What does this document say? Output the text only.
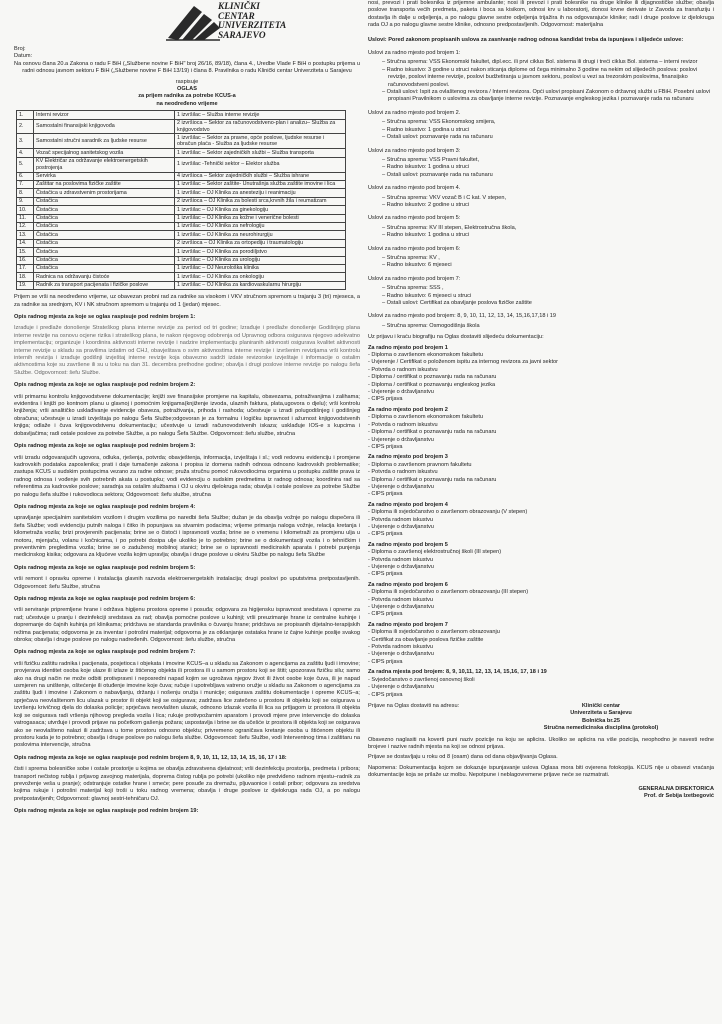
KLINIČKI
CENTAR
UNIVERZITETA
SARAJEVO
Broj:
Datum:

Na osnovu člana 20.a Zakona o radu F BiH („Službene novine F BiH" broj 26/16, 89/18), člana 4., Uredbe Vlade F BiH o postupku prijema u radni odnosu javnom sektoru F BiH („Službene novine F BiH 13/19) i člana 8. Pravilnika o radu Klinički centar Univerziteta u Sarajevu

raspisuje

OGLAS

za prijem radnika za potrebe KCUS-a

na neodređeno vrijeme

1.	Interni revizor	1 izvršilac – Služba interne revizije
2.	Samostalni finansijski knjigovođa	2 izvršioca – Sektor za računovodstveno-plan i analizu– Služba za knjigovodstvo
3.	Samostalni stručni saradnik za ljudske resurse	1 izvršilac – Sektor za pravne, opće poslove, ljudske resurse i obračun plaća - Služba za ljudske resurse
4.	Vozač specijalnog sanitetskog vozila	1 izvršilac – Sektor zajedničkih službi – Služba transporta
5.	KV Električar za održavanje elektroenergetskih postrojenja	1 izvršilac -Tehnički sektor – Elektor služba
6.	Servirka	4 izvršioca – Sektor zajedničkih službi – Služba ishrane
7.	Zaštitar na poslovima fizičke zaštite	1 izvršilac – Sektor zaštite- Unutrašnja služba zaštite imovine i lica
8.	Čistačica u zdravstvenim prostorijama	1 izvršilac – OJ Klinika za anesteziju i reanimaciju
9.	Čistačica	2 izvršioca – OJ Klinika za bolesti srca,krvnih žila i reumatizam
10.	Čistačica	1 izvršilac – OJ Klinika za ginekologiju
11.	Čistačica	1 izvršilac – OJ Klinika za kožne i venerične bolesti
12.	Čistačica	1 izvršilac – OJ Klinika za nefrologiju
13.	Čistačica	1 izvršilac – OJ Klinika za neurohirurgiju
14.	Čistačica	2 izvršioca – OJ Klinika za ortopediju i traumatologiju
15.	Čistačica	1 izvršilac – OJ Klinika za porodiljstvo
16.	Čistačica	1 izvršilac – OJ Klinika za urologiju
17.	Čistačica	1 izvršilac – OJ Neurološka klinika
18.	Radnica na održavanju čistoće	1 izvršilac – OJ Klinika za onkologiju
19.	Radnik za transport pacijenata i fizičke poslove	1 izvršilac – OJ Klinika za kardiovaskularnu hirurgiju

Prijem se vrši na neodređeno vrijeme, uz obavezan probni rad za radnike sa visokom i VKV stručnom spremom u trajanju 3 (tri) mjeseca, a za radnike sa srednjom, KV i NK stručnom spremom u trajanju od 1 (jedan) mjesec.

Opis radnog mjesta za koje se oglas raspisuje pod rednim brojem 1:

Izrađuje i predlaže donošenje Strateškog plana interne revizije za period od tri godine; Izrađuje i predlaže donošenje Godišnjeg plana interne revizije na osnovu ocjene rizika i strateškog plana, te nakon njegovog odobrenja od Upravnog odbora osigurava njegovo adekvatno implementaciju; organizuje i koordinira aktivnosti interne revizije i nadzire implementaciju planiranih aktivnosti osigurava kvalitet aktivnosti interne revizije u skladu sa pravilima izdatim od CHJ, obavještava o svim aktivnostima interne revizije i izvršenim revizijama vrši kontrolu internih revizija i izrađuje godišnji izvještaj interne revizije koja obavezno sadrži izdate revizorske izvještaje i informacije o ostalim aktivnostima koje su završene ili su u toku na dan 31. decembra prethodne godine; obavlja i drugi poslove interne revizije po nalogu šefa Službe. Odgovornost: šefu Službe.

Opis radnog mjesta za koje se oglas raspisuje pod rednim brojem 2:

vrši primarnu kontrolu knjigovodstvene dokumentacije; knjiži sve finansijske promjene na kapitalu, obavezama, potraživanjima i zalihama; evidentira i knjiži po kontnom planu u glavnoj i pomoćnim knjigama(knjiženje izvoda, ulaznih faktura, plata,ugovora o djelu); vrši kontrolu knjiženja; vrši analitičko usklađivanje evidencije obaveza, potraživanja, prihoda i rashoda; učestvuje u izradi polugodišnjeg i godišnjeg obračuna; učestvuje u izradi izvještaja po nalogu Šefa Službe;odgovoran je za formalnu i logičku ispravnost i ažurnost knjigovodstvenih knjiga; odlaže i čuva knjigovodstvenu dokumentaciju; učestvuje u izradi računovodstvenih iskaza; usklađuje IOS-e s kupcima i dobavljačima; radi ostale poslove za potrebe Službe, a po nalogu Šefa Službe. Odgovornost: šefu službe, stručna

Opis radnog mjesta za koje se oglas raspisuje pod rednim brojem 3:

vrši izradu odgovarajućih ugovora, odluka, rješenja, potvrda; obavještenja, informacija, izvještaja i sl.; vodi redovnu evidenciju i promjene kadrovskih podataka zaposlenika; prati i daje tumačenje zakona i propisa iz domena radnih odnosa odnosno kadrovskih problematike; zastupa KCUS u sudskim postupcima vezano za radne odnose; pruža stručnu pomoć rukovodiocima organima u postupku zaštite prava iz radnog odnosa i vođenje svih potrebnih akata u postupku; vodi evidenciju o sudskim predmetima iz radnog odnosa; koordinira rad sa referentima za kadrovske poslove; saradnja sa ostalim službama i OJ u okviru djelokruga rada; obavlja i ostale poslove za potrebe Službe po nalogu šefa službe i rukovodioca sektora; Odgovornost: šefu službe, stručna

Opis radnog mjesta za koje se oglas raspisuje pod rednim brojem 4:

upravljanje specijalnim sanitetskim vozilom i drugim vozilima po naredbi šefa Službe; dužan je da obavlja vožnje po nalogu dispečera ili šefa Službe; vodi evidenciju putnih naloga i čitko ih popunjava sa stvarnim podacima; vrijeme primanja naloga vožnje, relacija kretanja i kilometraža vozila; brizi provjerenih pacijenata; brine se o čistoći i ispravnosti vozila; brine se o vremenu i kilometraži za promjenu ulja u motoru, mjenjaču, volanu i kočnicama, i po potrebi dosipa ulje ukoliko je to potrebno; brine se o dokumentaciji vozila i o tehničkim i preventivnim pregledima vozila; brine se o zaduženoj mobilnoj stanici; brine se o ispravnosti medicinskih aparata i potrebi punjenja medicinskog kisika; odgovara za kljućeve vozila kojim upravlja; obavlja i druge poslove u okviru Službe po nalogu šefa Službe

Opis radnog mjesta za koje se oglas raspisuje pod rednim brojem 5:

vrši remont i opravku opreme i instalacija glavnih razvoda elektroenergetskih instalacija; drugi poslovi po uputstvima pretpostavljenih. Odgovornost: šefu Službe, stručna

Opis radnog mjesta za koje se oglas raspisuje pod rednim brojem 6:

vrši serviranje pripremljene hrane i održava higijenu prostora opreme i posuđa; odgovara za higijensku ispravnost sredstava i opreme za rad; učestvuje u pranju i dezinfekciji sredstava za rad; obavlja pomoćne poslove u kuhinji; vrši preuzimanje hrane iz centralne kuhinje i dopremanje do čajnih kuhinja pri klinikama; pridržava se standarda pravilnika o čuvanju hrane; pridržava se propisanih dijetalno-terapijskih režima pacijenata; odgovorna je za inventar i potrošni materijal; odgovorna je za otklanjanje ostataka hrane iz čajne kuhinje poslije svakog obroka; obavlja i druge poslove po nalogu nadređenih. Odgovornost: šefu službe, stručna

Opis radnog mjesta za koje se oglas raspisuje pod rednim brojem 7:

vrši fizičku zaštitu radnika i pacijenata, posjetioca i objekata i imovine KCUS–a u skladu sa Zakonom o agencijama za zaštitu ljudi i imovine; provjerava identitet osoba koje ulaze ili izlaze iz štićenog objekta ili prostora ili u samom prostoru koji se štiti; upozorava fizičku silu; samo ako na drugi način ne može odbiti protivpravni i neposredni napad kojim se ugrožava njegov život ili život osobe koje čuva, ili je napad usmjeren na uništenje, oštećenje ili otuđenje imovine koje čuva; ručuje i upotrebljava vatreno oružje u skladu sa Zakonom o agencijama za zaštitu ljudi i imovine i Zakonom o nabavljanju, držanju i nošenju oružja i municije; osiguravа zaštitu dokumentacije i opreme KCUS–a; sprječava neovlaštenom licu ulazak u prostor ili objekt koji se osigurava; zadržava lice zatečeno u prostoru ili objektu koji se osigurava u izvršenju krivičnog djela do dolaska policije; sprječava neovlašten ulazak, odnosno izlazak vozila ili lica sa prtljagom iz prostora ili objekta koji se osigurava radi vršenja njihovog pregleda vozila i lica; rukuje protivpožarnim aparatom i provodi mjere prve intervencije do dolaska vatrogasaca; utvrđuje i provodi prijave na početkom gašenja požara; uspostavlja i brine se da učešće iz prostora ili objekta koji se osigurava ako se neovlašteno nalazi ili zadržava u tome prostoru odnosno objektu; privremeno ograničava kretanje osoba u štićenom objektu ili prostoru kada je to potrebno; obavlja i druge poslove po nalogu šefa službe. Odgovornost: šefu Službe, vodi Interventnog tima i zaštitaru na poslovima intervencije, stručna

Opis radnog mjesta za koje se oglas raspisuje pod rednim brojem 8, 9, 10, 11, 12, 13, 14, 15, 16, 17 i 18:

čisti i sprema bolesničke sobe i ostale prostorije u kojima se obavlja zdravstvena djelatnost; vrši dezinfekciju prostorija, predmeta i pribora; transport nečistog rublja i prljavog zavojnog materijala, doprema čistog rublja po potrebi (ukoliko nije predviđeno radnom mjestu–radnik za prevoženje veša u pranje); odstranjuje ostatke hrane i smeće; pere posuđe za dremažu, pljuvaonice i ostali pribor; odgovara za sredstva kojima rukuje i potrošni materijal koji troši u toku radnog vremena; obavlja i druge poslove iz djelokruga rada OJ, a po nalogu pretpostavljenih; Odgovornost: glavnoj sestri-tehničaru OJ.

Opis radnog mjesta za koje se oglas raspisuje pod rednim brojem 19:

nosi, prevozi i prati bolesnika iz prijemne ambulante; nosi ili prevozi i prati bolesnike na druge klinike ili dijagnostičke službe; obavlja poslove transporta većih predmeta, paketa i boca sa kisikom, odnosi krv u laboratorij, donosi krvne derivate iz Zavoda za transfuziju i dostavlja ih dalje u odjeljenja, a po nalogu glavne sestre odjeljenja trijažira ih na odgovarajuće klinike; radi i druge poslove iz djelokruga rada OJ a po nalogu glavne sestre klinike, odnosno predpostavljenih. Odgovornost: materijalna

Uslovi: Pored zakonom propisanih uslova za zasnivanje radnog odnosa kandidat treba da ispunjava i slijedeće uslove:

Uslovi za radno mjesto pod brojem 1:

– Stručna sprema: VSS Ekonomski fakultet, dipl.ecc. ili prvi ciklus Bol. sistema ili drugi i treći ciklus Bol. sistema – interni revizor

– Radno iskustvo: 3 godine u struci nakon sticanja diplome od čega minimalno 3 godine na nekim od slijedećih poslova: poslovi revizije, poslovi interne revizije, poslovi budžetiranja u javnom sektoru, poslovi u vezi sa trezorskim poslovima, finansijsko računovodstveni poslovi.

– Ostali uslovi: Ispit za ovlaštenog revizora / Interni revizora. Opći uslovi propisani Zakonom o državnoj službi u FBiH. Posebni uslovi propisani Pravilnikom o uslovima za obavljanje interne revizije. Poznavanje engleskog jezika i poznavanje rada na računaru

Uslovi za radno mjesto pod brojem 2.

– Stručna sprema: VSS Ekonomskog smijera,

– Radno iskustvo: 1 godina u struci

– Ostali uslovi: poznavanje rada na računaru

Uslovi za radno mjesto pod brojem 3:

– Stručna sprema: VSS Pravni fakultet,

– Radno iskustvo: 1 godina u struci

– Ostali uslovi: poznavanje rada na računaru

Uslovi za radno mjesto pod brojem 4.

– Stručna sprema: VKV vozač B i C kat. V stepen,

– Radno iskustvo: 2 godine u struci

Uslovi za radno mjesto pod brojem 5:

– Stručna sprema: KV III stepen, Elektrostručna škola,

– Radno iskustvo: 1 godina u struci

Uslovi za radno mjesto pod brojem 6:

– Stručna sprema: KV ,

– Radno iskustvo: 6 mjeseci

Uslovi za radno mjesto pod brojem 7:

– Stručna sprema: SSS ,

– Radno iskustvo: 6 mjeseci u struci

– Ostali uslovi: Certifikat za obavljanje poslova fizičke zaštite

Uslovi za radno mjesto pod brojem: 8, 9, 10, 11, 12, 13, 14, 15,16,17,18 i 19

– Stručna sprema: Osmogodišnja škola

Uz prijavu i kraću biografiju na Oglas dostaviti slijedeću dokumentaciju:

Za radno mjesto pod brojem 1

- Diploma o završenom ekonomskom fakultetu

- Uvjerenje / Certifikat o položenom ispitu za internog revizora za javni sektor

- Potvrda o radnom iskustvu

- Diploma / certifikat o poznavanju rada na računaru

- Diploma / certifikat o poznavanju engleskog jezika

- Uvjerenje o državljanstvu

- CIPS prijava

Za radno mjesto pod brojem 2

- Diploma o završenom ekonomskom fakultetu

- Potvrda o radnom iskustvu

- Diploma / certifikat o poznavanju rada na računaru

- Uvjerenje o državljanstvu

- CIPS prijava

Za radno mjesto pod brojem 3

- Diploma o završenom pravnom fakultetu

- Potvrda o radnom iskustvu

- Diploma / certifikat o poznavanju rada na računaru

- Uvjerenje o državljanstvu

- CIPS prijava

Za radno mjesto pod brojem 4

- Diploma ili svjedočanstvo o završenom obrazovanju (V stepen)

- Potvrda radnom iskustvu

- Uvjerenje o državljanstvu

- CIPS prijava

Za radno mjesto pod brojem 5

- Diploma o završenoj elektrostručnoj školi (III stepen)

- Potvrda radnom iskustvu

- Uvjerenje o državljanstvu

- CIPS prijava

Za radno mjesto pod brojem 6

- Diploma ili svjedočanstvo o završenom obrazovanju (III stepen)

- Potvrda radnom iskustvu

- Uvjerenje o državljanstvu

- CIPS prijava

Za radno mjesto pod brojem 7

- Diploma ili svjedočanstvo o završenom obrazovanju

- Certifikat za obavljanje poslova fizičke zaštite

- Potvrda radnom iskustvu

- Uvjerenje o državljanstvu

- CIPS prijava

Za radna mjesta pod brojem: 8, 9, 10,11, 12, 13, 14, 15,16, 17, 18 i 19

- Svjedočanstvo o završenoj osnovnoj školi

- Uvjerenje o državljanstvu

- CIPS prijava

Prijave na Oglas dostaviti na adresu:	Klinički centar
Univerziteta u Sarajevu
Bolnička br.25
Stručna nemedicinska disciplina (protokol)

Obavezno naglasiti na koverti puni naziv pozicije na koju se aplicira. Ukoliko se aplicira na više pozicija, neophodno je navesti redne brojeve i nazive radnih mjesta na koji se odnosi prijava.

Prijave se dostavljaju u roku od 8 (osam) dana od dana objavljivanja Oglasa.

Napomena: Dokumentacija kojom se dokazuje ispunjavanje uslova Oglasa mora biti ovjerena fotokopija. KCUS nije u obavezi vraćanja dokumentacije koja se prilaže uz molbu. Nepotpune i neblagovremene prijave neće se razmatrati.

GENERALNA DIREKTORICA
Prof. dr Sebija Izetbegović
